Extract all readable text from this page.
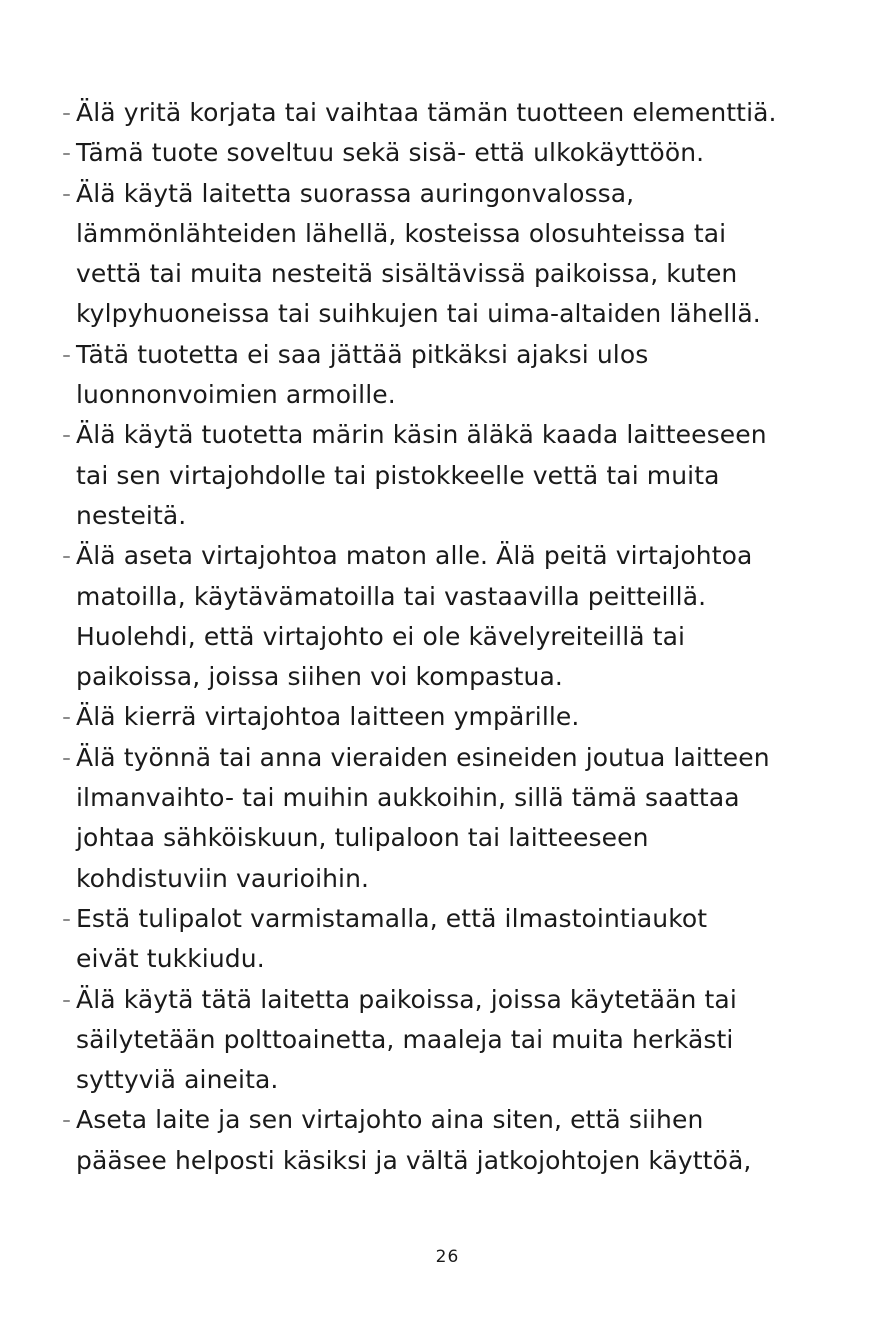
- Älä yritä korjata tai vaihtaa tämän tuotteen elementtiä.
- Tämä tuote soveltuu sekä sisä- että ulkokäyttöön.
- Älä käytä laitetta suorassa auringonvalossa,
lämmönlähteiden lähellä, kosteissa olosuhteissa tai
vettä tai muita nesteitä sisältävissä paikoissa, kuten
kylpyhuoneissa tai suihkujen tai uima-altaiden lähellä.
- Tätä tuotetta ei saa jättää pitkäksi ajaksi ulos
luonnonvoimien armoille.
- Älä käytä tuotetta märin käsin äläkä kaada laitteeseen
tai sen virtajohdolle tai pistokkeelle vettä tai muita
nesteitä.
- Älä aseta virtajohtoa maton alle. Älä peitä virtajohtoa
matoilla, käytävämatoilla tai vastaavilla peitteillä.
Huolehdi, että virtajohto ei ole kävelyreiteillä tai
paikoissa, joissa siihen voi kompastua.
- Älä kierrä virtajohtoa laitteen ympärille.
- Älä työnnä tai anna vieraiden esineiden joutua laitteen
ilmanvaihto- tai muihin aukkoihin, sillä tämä saattaa
johtaa sähköiskuun, tulipaloon tai laitteeseen
kohdistuviin vaurioihin.
- Estä tulipalot varmistamalla, että ilmastointiaukot
eivät tukkiudu.
- Älä käytä tätä laitetta paikoissa, joissa käytetään tai
säilytetään polttoainetta, maaleja tai muita herkästi
syttyviä aineita.
- Aseta laite ja sen virtajohto aina siten, että siihen
pääsee helposti käsiksi ja vältä jatkojohtojen käyttöä,
26
